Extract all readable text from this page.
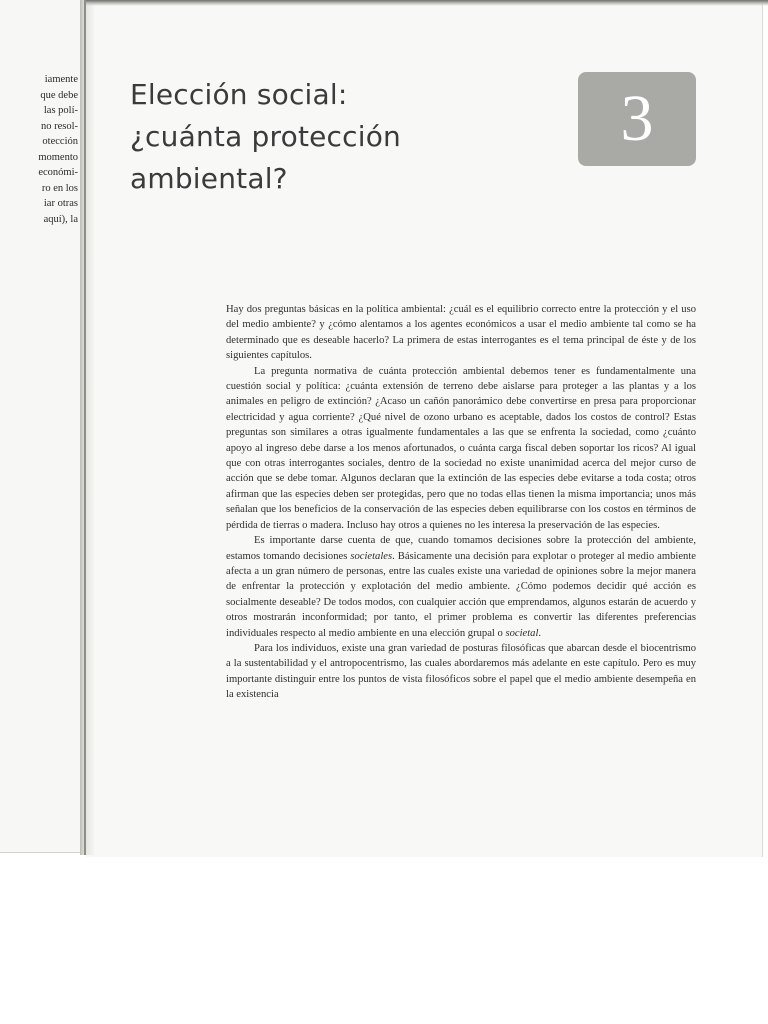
iamente
que debe
las polí-
no resol-
otección
momento
económi-
ro en los
iar otras
aquí), la
Elección social:
¿cuánta protección
ambiental?
3

Hay dos preguntas básicas en la política ambiental: ¿cuál es el equilibrio correcto entre la protección y el uso del medio ambiente? y ¿cómo alentamos a los agentes económicos a usar el medio ambiente tal como se ha determinado que es deseable hacerlo? La primera de estas interrogantes es el tema principal de éste y de los siguientes capítulos.

La pregunta normativa de cuánta protección ambiental debemos tener es fundamentalmente una cuestión social y política: ¿cuánta extensión de terreno debe aislarse para proteger a las plantas y a los animales en peligro de extinción? ¿Acaso un cañón panorámico debe convertirse en presa para proporcionar electricidad y agua corriente? ¿Qué nivel de ozono urbano es aceptable, dados los costos de control? Estas preguntas son similares a otras igualmente fundamentales a las que se enfrenta la sociedad, como ¿cuánto apoyo al ingreso debe darse a los menos afortunados, o cuánta carga fiscal deben soportar los ricos? Al igual que con otras interrogantes sociales, dentro de la sociedad no existe unanimidad acerca del mejor curso de acción que se debe tomar. Algunos declaran que la extinción de las especies debe evitarse a toda costa; otros afirman que las especies deben ser protegidas, pero que no todas ellas tienen la misma importancia; unos más señalan que los beneficios de la conservación de las especies deben equilibrarse con los costos en términos de pérdida de tierras o madera. Incluso hay otros a quienes no les interesa la preservación de las especies.

Es importante darse cuenta de que, cuando tomamos decisiones sobre la protección del ambiente, estamos tomando decisiones societales. Básicamente una decisión para explotar o proteger al medio ambiente afecta a un gran número de personas, entre las cuales existe una variedad de opiniones sobre la mejor manera de enfrentar la protección y explotación del medio ambiente. ¿Cómo podemos decidir qué acción es socialmente deseable? De todos modos, con cualquier acción que emprendamos, algunos estarán de acuerdo y otros mostrarán inconformidad; por tanto, el primer problema es convertir las diferentes preferencias individuales respecto al medio ambiente en una elección grupal o societal.

Para los individuos, existe una gran variedad de posturas filosóficas que abarcan desde el biocentrismo a la sustentabilidad y el antropocentrismo, las cuales abordaremos más adelante en este capítulo. Pero es muy importante distinguir entre los puntos de vista filosóficos sobre el papel que el medio ambiente desempeña en la existencia
